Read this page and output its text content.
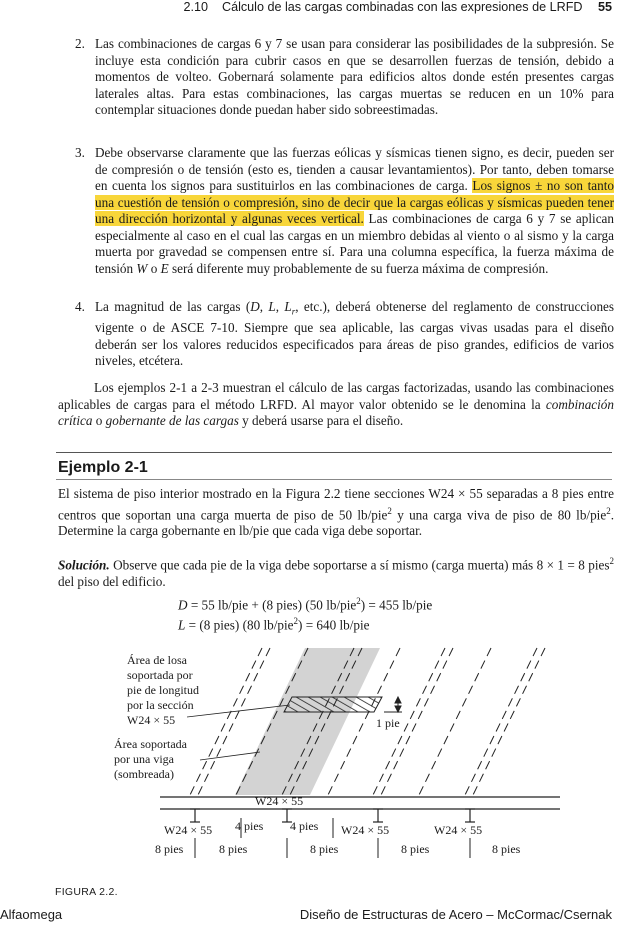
2.10 Cálculo de las cargas combinadas con las expresiones de LRFD 55
2. Las combinaciones de cargas 6 y 7 se usan para considerar las posibilidades de la subpresión. Se incluye esta condición para cubrir casos en que se desarrollen fuerzas de tensión, debido a momentos de volteo. Gobernará solamente para edificios altos donde estén presentes cargas laterales altas. Para estas combinaciones, las cargas muertas se reducen en un 10% para contemplar situaciones donde puedan haber sido sobreestimadas.

3. Debe observarse claramente que las fuerzas eólicas y sísmicas tienen signo, es decir, pueden ser de compresión o de tensión (esto es, tienden a causar levantamientos). Por tanto, deben tomarse en cuenta los signos para sustituirlos en las combinaciones de carga. Los signos ± no son tanto una cuestión de tensión o compresión, sino de decir que la cargas eólicas y sísmicas pueden tener una dirección horizontal y algunas veces vertical. Las combinaciones de carga 6 y 7 se aplican especialmente al caso en el cual las cargas en un miembro debidas al viento o al sismo y la carga muerta por gravedad se compensen entre sí. Para una columna específica, la fuerza máxima de tensión W o E será diferente muy probablemente de su fuerza máxima de compresión.

4. La magnitud de las cargas (D, L, $L_r$, etc.), deberá obtenerse del reglamento de construcciones vigente o de ASCE 7-10. Siempre que sea aplicable, las cargas vivas usadas para el diseño deberán ser los valores reducidos especificados para áreas de piso grandes, edificios de varios niveles, etcétera.

Los ejemplos 2-1 a 2-3 muestran el cálculo de las cargas factorizadas, usando las combinaciones aplicables de cargas para el método LRFD. Al mayor valor obtenido se le denomina la combinación crítica o gobernante de las cargas y deberá usarse para el diseño.

Ejemplo 2-1

El sistema de piso interior mostrado en la Figura 2.2 tiene secciones W24 × 55 separadas a 8 pies entre centros que soportan una carga muerta de piso de 50 lb/pie$^2$ y una carga viva de piso de 80 lb/pie$^2$. Determine la carga gobernante en lb/pie que cada viga debe soportar.

Solución. Observe que cada pie de la viga debe soportarse a sí mismo (carga muerta) más 8 × 1 = 8 pies$^2$ del piso del edificio.

D = 55 lb/pie + (8 pies) (50 lb/pie$^2$) = 455 lb/pie
L = (8 pies) (80 lb/pie$^2$) = 640 lb/pie
Área de losa
soportada por
pie de longitud
por la sección
W24 × 55
Área soportada
por una viga
(sombreada)
1 pie
W24 × 55
W24 × 55 4 pies 4 pies W24 × 55	W24 × 55
8 pies	8 pies	8 pies	8 pies	8 pies
FIGURA 2.2.
Alfaomega	Diseño de Estructuras de Acero – McCormac/Csernak
